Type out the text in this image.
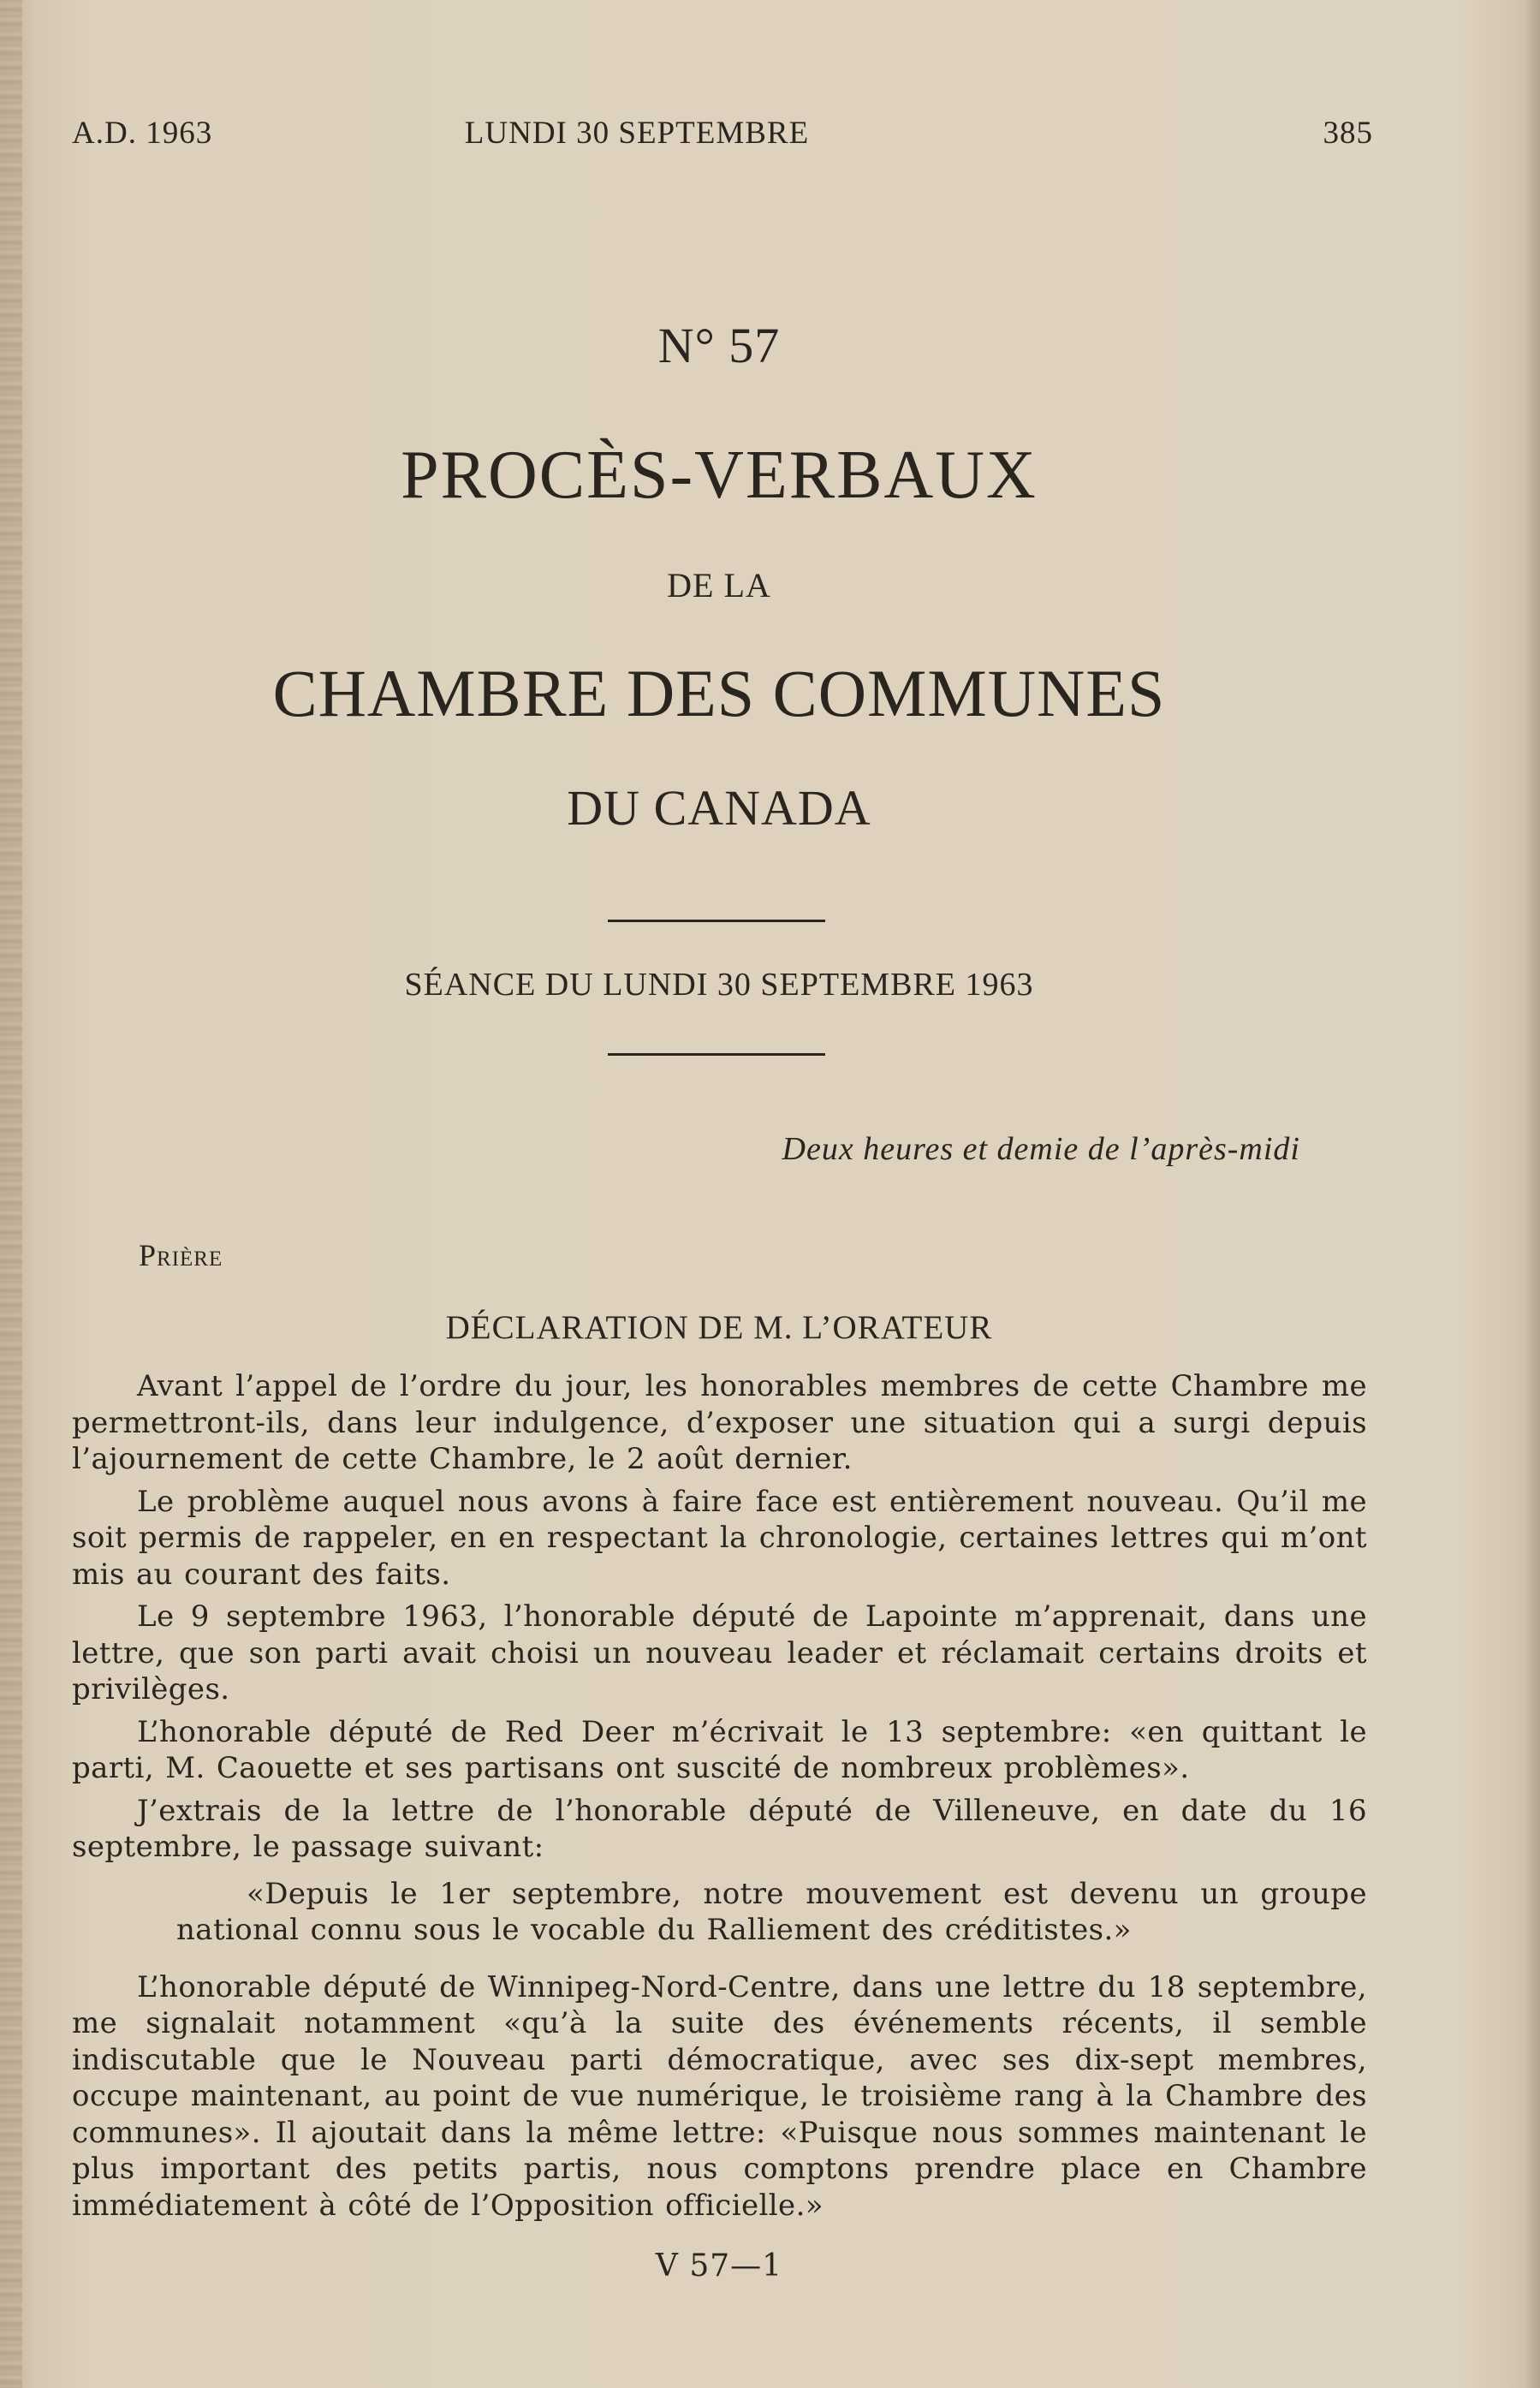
A.D. 1963	LUNDI 30 SEPTEMBRE	385
N° 57
PROCÈS-VERBAUX
DE LA
CHAMBRE DES COMMUNES
DU CANADA
SÉANCE DU LUNDI 30 SEPTEMBRE 1963
Deux heures et demie de l’après-midi
Prière
DÉCLARATION DE M. L’ORATEUR

Avant l’appel de l’ordre du jour, les honorables membres de cette Chambre me permettront-ils, dans leur indulgence, d’exposer une situation qui a surgi depuis l’ajournement de cette Chambre, le 2 août dernier.

Le problème auquel nous avons à faire face est entièrement nouveau. Qu’il me soit permis de rappeler, en en respectant la chronologie, certaines lettres qui m’ont mis au courant des faits.

Le 9 septembre 1963, l’honorable député de Lapointe m’apprenait, dans une lettre, que son parti avait choisi un nouveau leader et réclamait certains droits et privilèges.

L’honorable député de Red Deer m’écrivait le 13 septembre: «en quittant le parti, M. Caouette et ses partisans ont suscité de nombreux problèmes».

J’extrais de la lettre de l’honorable député de Villeneuve, en date du 16 septembre, le passage suivant:

«Depuis le 1er septembre, notre mouvement est devenu un groupe national connu sous le vocable du Ralliement des créditistes.»

L’honorable député de Winnipeg-Nord-Centre, dans une lettre du 18 septembre, me signalait notamment «qu’à la suite des événements récents, il semble indiscutable que le Nouveau parti démocratique, avec ses dix-sept membres, occupe maintenant, au point de vue numérique, le troisième rang à la Chambre des communes». Il ajoutait dans la même lettre: «Puisque nous sommes maintenant le plus important des petits partis, nous comptons prendre place en Chambre immédiatement à côté de l’Opposition officielle.»

V 57—1
